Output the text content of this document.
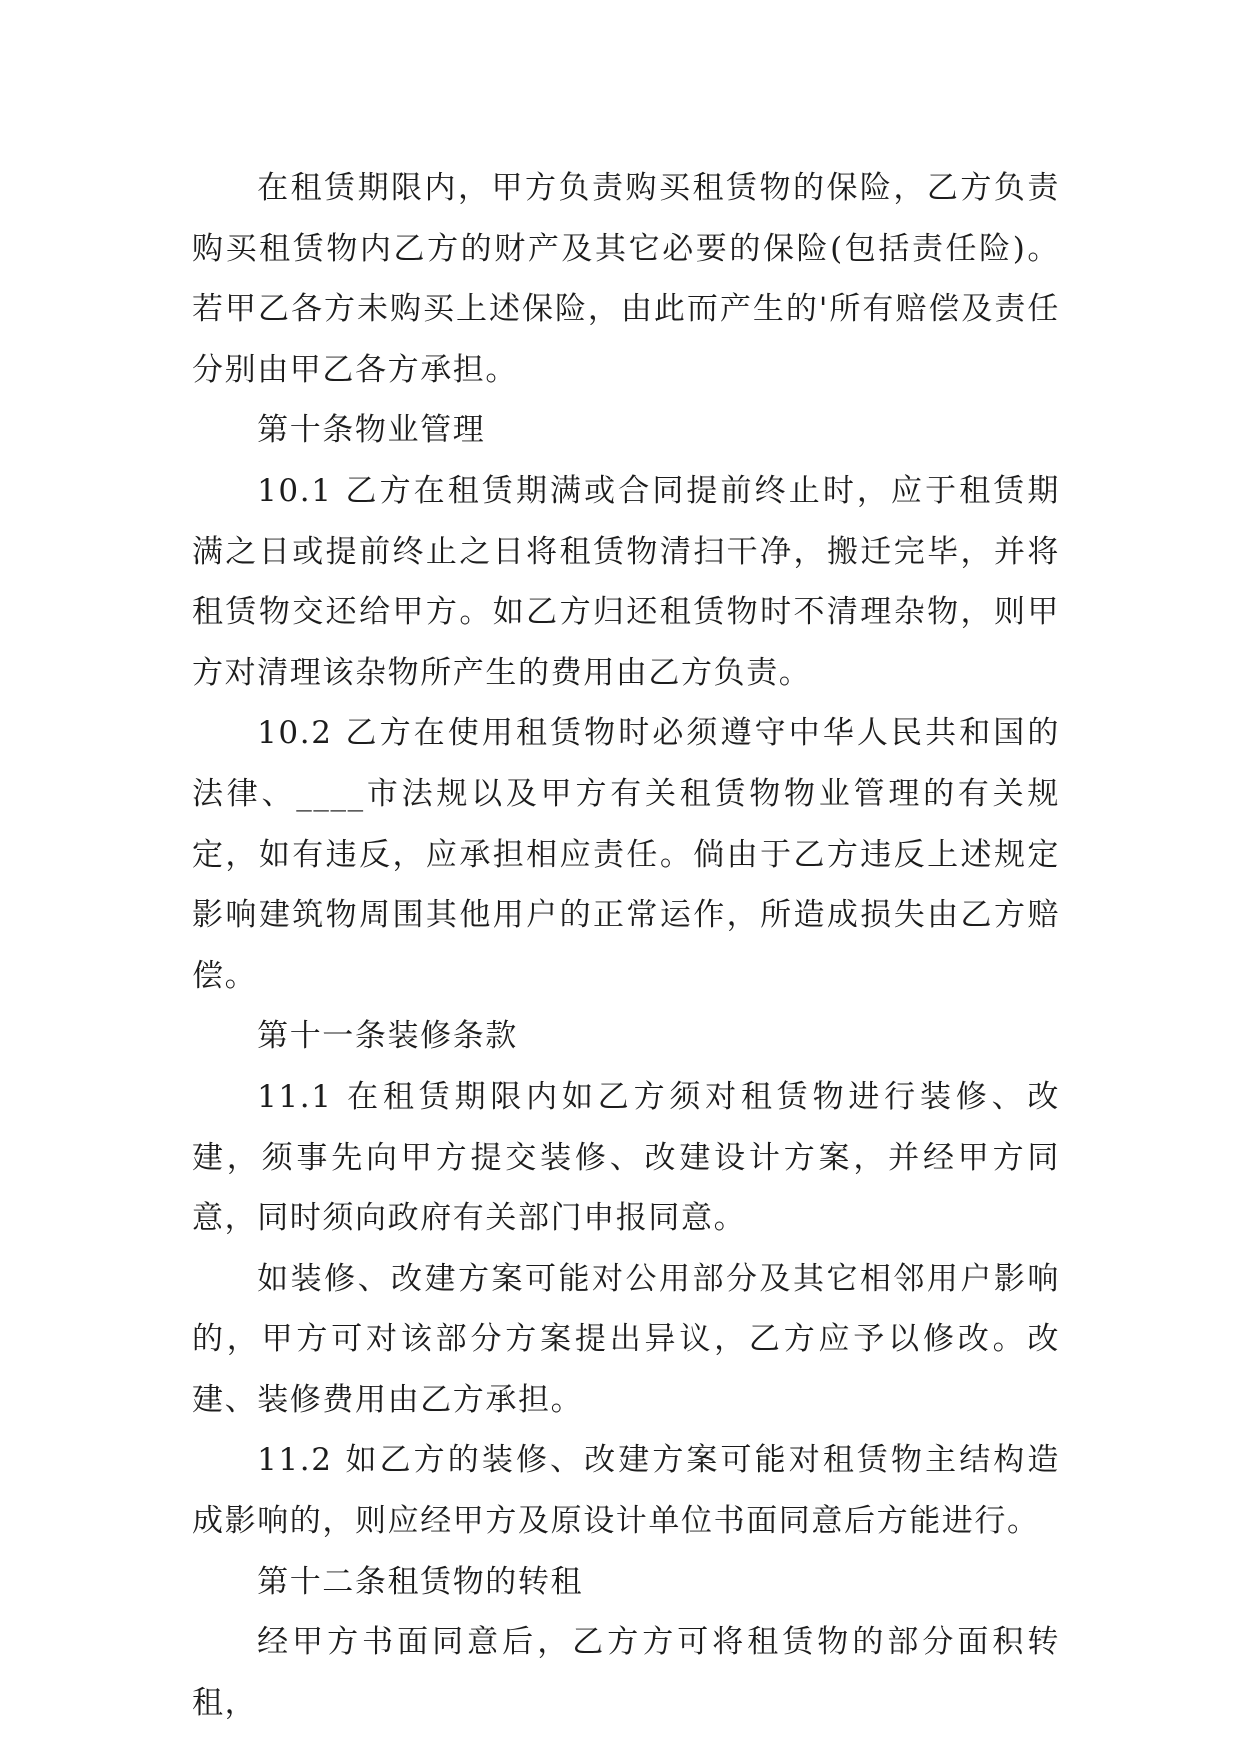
在租赁期限内，甲方负责购买租赁物的保险，乙方负责购买租赁物内乙方的财产及其它必要的保险(包括责任险)。若甲乙各方未购买上述保险，由此而产生的'所有赔偿及责任分别由甲乙各方承担。

第十条物业管理

10.1 乙方在租赁期满或合同提前终止时，应于租赁期满之日或提前终止之日将租赁物清扫干净，搬迁完毕，并将租赁物交还给甲方。如乙方归还租赁物时不清理杂物，则甲方对清理该杂物所产生的费用由乙方负责。

10.2 乙方在使用租赁物时必须遵守中华人民共和国的法律、____市法规以及甲方有关租赁物物业管理的有关规定，如有违反，应承担相应责任。倘由于乙方违反上述规定影响建筑物周围其他用户的正常运作，所造成损失由乙方赔偿。

第十一条装修条款

11.1 在租赁期限内如乙方须对租赁物进行装修、改建，须事先向甲方提交装修、改建设计方案，并经甲方同意，同时须向政府有关部门申报同意。

如装修、改建方案可能对公用部分及其它相邻用户影响的，甲方可对该部分方案提出异议，乙方应予以修改。改建、装修费用由乙方承担。

11.2 如乙方的装修、改建方案可能对租赁物主结构造成影响的，则应经甲方及原设计单位书面同意后方能进行。

第十二条租赁物的转租

经甲方书面同意后，乙方方可将租赁物的部分面积转租，
